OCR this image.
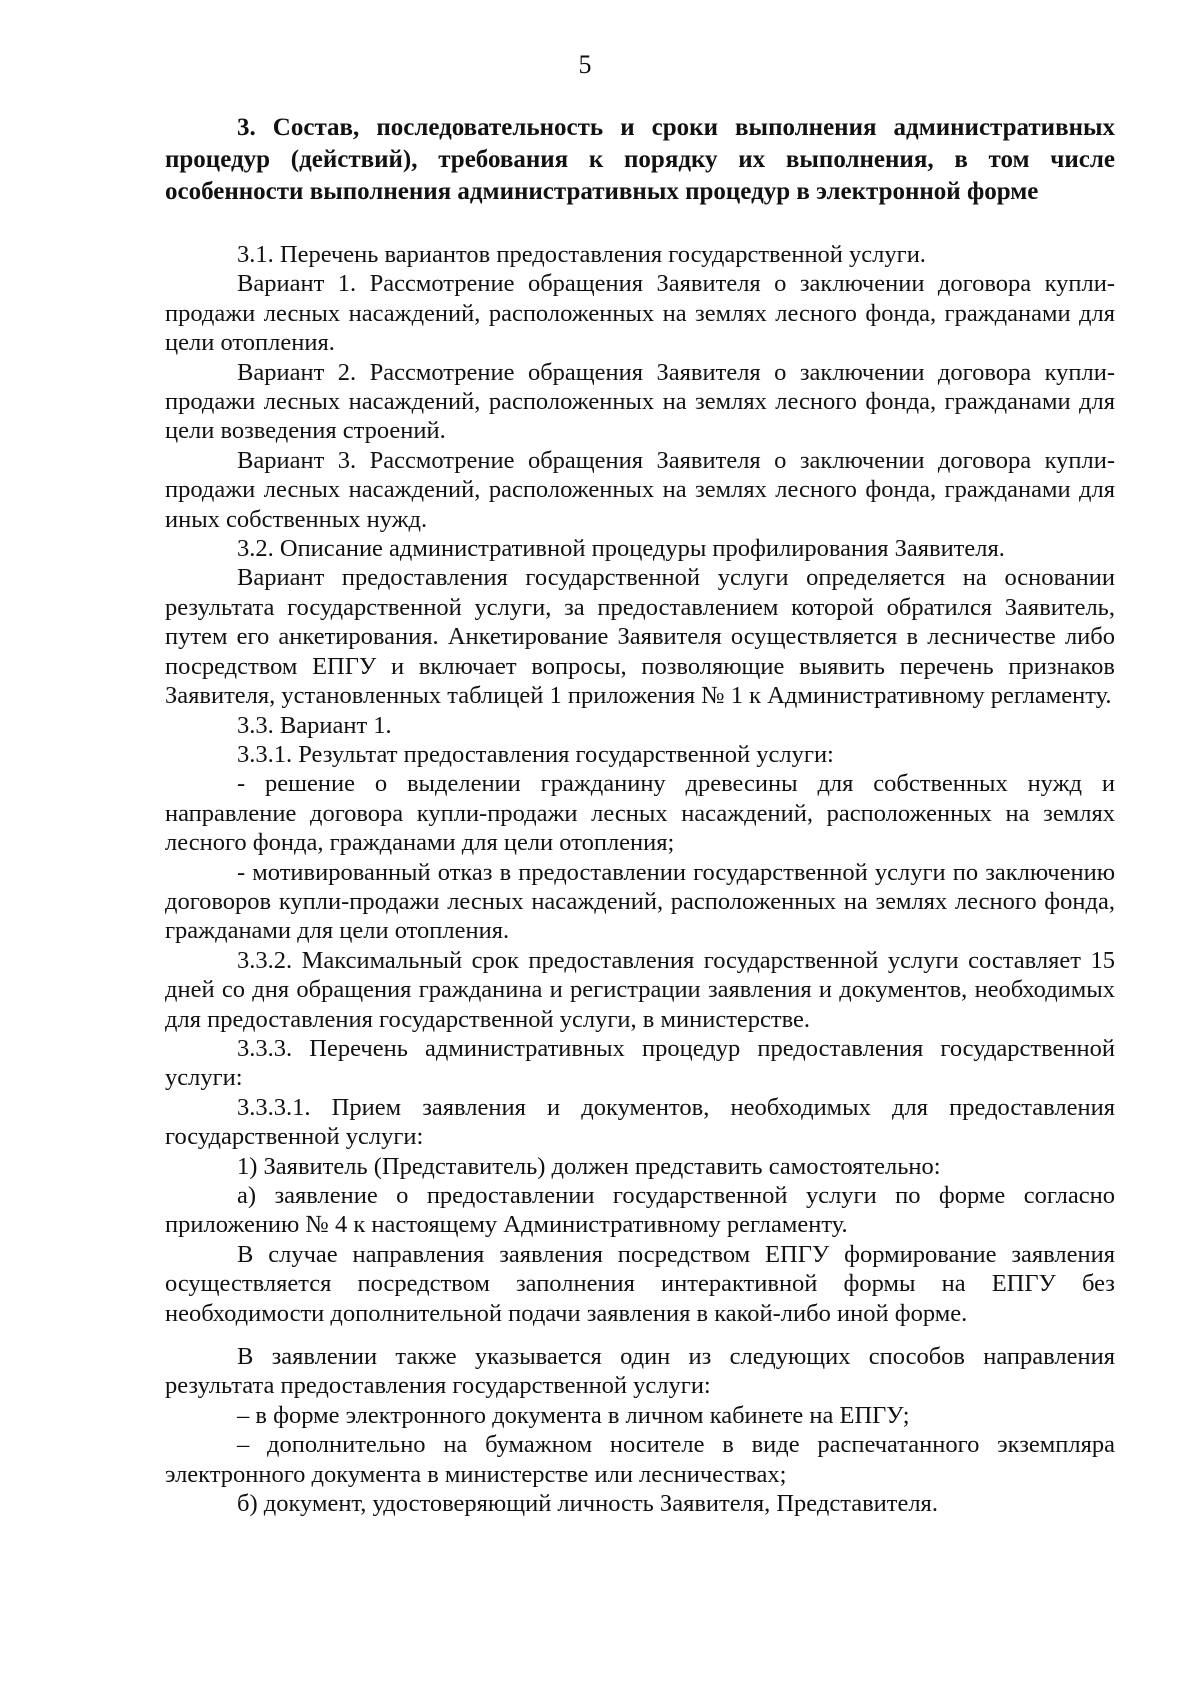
5
3. Состав, последовательность и сроки выполнения административных процедур (действий), требования к порядку их выполнения, в том числе особенности выполнения административных процедур в электронной форме

3.1. Перечень вариантов предоставления государственной услуги.

Вариант 1. Рассмотрение обращения Заявителя о заключении договора купли-продажи лесных насаждений, расположенных на землях лесного фонда, гражданами для цели отопления.

Вариант 2. Рассмотрение обращения Заявителя о заключении договора купли-продажи лесных насаждений, расположенных на землях лесного фонда, гражданами для цели возведения строений.

Вариант 3. Рассмотрение обращения Заявителя о заключении договора купли-продажи лесных насаждений, расположенных на землях лесного фонда, гражданами для иных собственных нужд.

3.2. Описание административной процедуры профилирования Заявителя.

Вариант предоставления государственной услуги определяется на основании результата государственной услуги, за предоставлением которой обратился Заявитель, путем его анкетирования. Анкетирование Заявителя осуществляется в лесничестве либо посредством ЕПГУ и включает вопросы, позволяющие выявить перечень признаков Заявителя, установленных таблицей 1 приложения № 1 к Административному регламенту.

3.3. Вариант 1.

3.3.1. Результат предоставления государственной услуги:

- решение о выделении гражданину древесины для собственных нужд и направление договора купли-продажи лесных насаждений, расположенных на землях лесного фонда, гражданами для цели отопления;

- мотивированный отказ в предоставлении государственной услуги по заключению договоров купли-продажи лесных насаждений, расположенных на землях лесного фонда, гражданами для цели отопления.

3.3.2. Максимальный срок предоставления государственной услуги составляет 15 дней со дня обращения гражданина и регистрации заявления и документов, необходимых для предоставления государственной услуги, в министерстве.

3.3.3. Перечень административных процедур предоставления государственной услуги:

3.3.3.1. Прием заявления и документов, необходимых для предоставления государственной услуги:

1) Заявитель (Представитель) должен представить самостоятельно:

а) заявление о предоставлении государственной услуги по форме согласно приложению № 4 к настоящему Административному регламенту.

В случае направления заявления посредством ЕПГУ формирование заявления осуществляется посредством заполнения интерактивной формы на ЕПГУ без необходимости дополнительной подачи заявления в какой-либо иной форме.

В заявлении также указывается один из следующих способов направления результата предоставления государственной услуги:

– в форме электронного документа в личном кабинете на ЕПГУ;

– дополнительно на бумажном носителе в виде распечатанного экземпляра электронного документа в министерстве или лесничествах;

б) документ, удостоверяющий личность Заявителя, Представителя.
